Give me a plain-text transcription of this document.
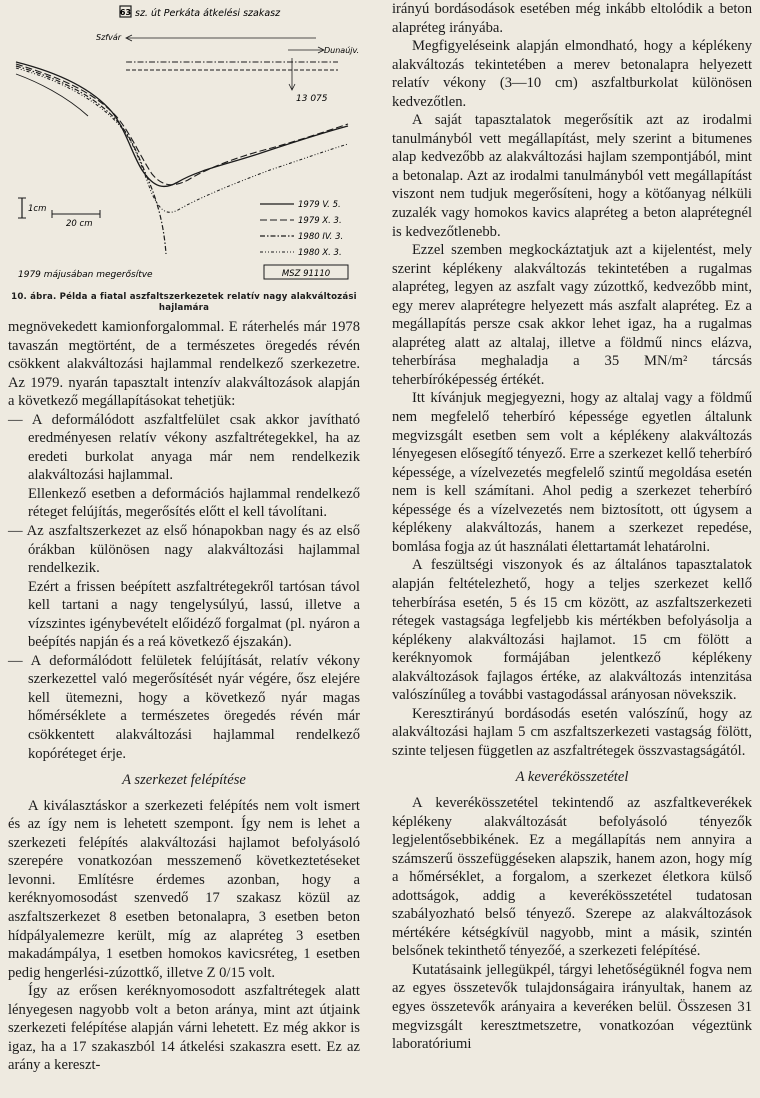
63 sz. út Perkáta átkelési szakasz
Szfvár
Dunaújv.
13 075
1cm
20 cm
1979 V. 5.
1979 X. 3.
1980 IV. 3.
1980 X. 3.
1979 májusában megerősítve	MSZ 91110
10. ábra. Példa a fiatal aszfaltszerkezetek relatív nagy alakváltozási
hajlamára

megnövekedett kamionforgalommal. E ráterhelés már 1978 tavaszán megtörtént, de a természetes öregedés révén csökkent alakváltozási hajlammal rendelkező szerkezetre. Az 1979. nyarán tapasztalt intenzív alakváltozások alapján a következő megállapításokat tehetjük:

— A deformálódott aszfaltfelület csak akkor javítható eredményesen relatív vékony aszfaltrétegekkel, ha az eredeti burkolat anyaga már nem rendelkezik alakváltozási hajlammal.

Ellenkező esetben a deformációs hajlammal rendelkező réteget felújítás, megerősítés előtt el kell távolítani.

— Az aszfaltszerkezet az első hónapokban nagy és az első órákban különösen nagy alakváltozási hajlammal rendelkezik.

Ezért a frissen beépített aszfaltrétegekről tartósan távol kell tartani a nagy tengelysúlyú, lassú, illetve a vízszintes igénybevételt előidéző forgalmat (pl. nyáron a beépítés napján és a reá következő éjszakán).

— A deformálódott felületek felújítását, relatív vékony szerkezettel való megerősítését nyár végére, ősz elejére kell ütemezni, hogy a következő nyár magas hőmérséklete a természetes öregedés révén már csökkentett alakváltozási hajlammal rendelkező kopóréteget érje.

A szerkezet felépítése

A kiválasztáskor a szerkezeti felépítés nem volt ismert és az így nem is lehetett szempont. Így nem is lehet a szerkezeti felépítés alakváltozási hajlamot befolyásoló szerepére vonatkozóan messzemenő következtetéseket levonni. Említésre érdemes azonban, hogy a keréknyomosodást szenvedő 17 szakasz közül az aszfaltszerkezet 8 esetben betonalapra, 3 esetben beton hídpályalemezre került, míg az alapréteg 3 esetben makadámpálya, 1 esetben homokos kavicsréteg, 1 esetben pedig hengerlési-zúzottkő, illetve Z 0/15 volt.

Így az erősen keréknyomosodott aszfaltrétegek alatt lényegesen nagyobb volt a beton aránya, mint azt útjaink szerkezeti felépítése alapján várni lehetett. Ez még akkor is igaz, ha a 17 szakaszból 14 átkelési szakaszra esett. Ez az arány a kereszt-

irányú bordásodások esetében még inkább eltolódik a beton alapréteg irányába.

Megfigyeléseink alapján elmondható, hogy a képlékeny alakváltozás tekintetében a merev betonalapra helyezett relatív vékony (3—10 cm) aszfaltburkolat különösen kedvezőtlen.

A saját tapasztalatok megerősítik azt az irodalmi tanulmányból vett megállapítást, mely szerint a bitumenes alap kedvezőbb az alakváltozási hajlam szempontjából, mint a betonalap. Azt az irodalmi tanulmányból vett megállapítást viszont nem tudjuk megerősíteni, hogy a kötőanyag nélküli zuzalék vagy homokos kavics alapréteg a beton alaprétegnél is kedvezőtlenebb.

Ezzel szemben megkockáztatjuk azt a kijelentést, mely szerint képlékeny alakváltozás tekintetében a rugalmas alapréteg, legyen az aszfalt vagy zúzottkő, kedvezőbb mint, egy merev alaprétegre helyezett más aszfalt alapréteg. Ez a megállapítás persze csak akkor lehet igaz, ha a rugalmas alapréteg alatt az altalaj, illetve a földmű nincs elázva, teherbírása meghaladja a 35 MN/m² tárcsás teherbíróképesség értékét.

Itt kívánjuk megjegyezni, hogy az altalaj vagy a földmű nem megfelelő teherbíró képessége egyetlen általunk megvizsgált esetben sem volt a képlékeny alakváltozás lényegesen elősegítő tényező. Erre a szerkezet kellő teherbíró képessége, a vízelvezetés megfelelő szintű megoldása esetén nem is kell számítani. Ahol pedig a szerkezet teherbíró képessége és a vízelvezetés nem biztosított, ott úgysem a képlékeny alakváltozás, hanem a szerkezet repedése, bomlása fogja az út használati élettartamát lehatárolni.

A feszültségi viszonyok és az általános tapasztalatok alapján feltételezhető, hogy a teljes szerkezet kellő teherbírása esetén, 5 és 15 cm között, az aszfaltszerkezeti rétegek vastagsága legfeljebb kis mértékben befolyásolja a képlékeny alakváltozási hajlamot. 15 cm fölött a keréknyomok formájában jelentkező képlékeny alakváltozások fajlagos értéke, az alakváltozás intenzitása valószínűleg a további vastagodással arányosan növekszik.

Keresztirányú bordásodás esetén valószínű, hogy az alakváltozási hajlam 5 cm aszfaltszerkezeti vastagság fölött, szinte teljesen független az aszfaltrétegek összvastagságától.

A keverékösszetétel

A keverékösszetétel tekintendő az aszfaltkeverékek képlékeny alakváltozását befolyásoló tényezők legjelentősebbikének. Ez a megállapítás nem annyira a számszerű összefüggéseken alapszik, hanem azon, hogy míg a hőmérséklet, a forgalom, a szerkezet életkora külső adottságok, addig a keverékösszetétel tudatosan szabályozható belső tényező. Szerepe az alakváltozások mértékére kétségkívül nagyobb, mint a másik, szintén belsőnek tekinthető tényezőé, a szerkezeti felépítésé.

Kutatásaink jellegükpél, tárgyi lehetőségüknél fogva nem az egyes összetevők tulajdonságaira irányultak, hanem az egyes összetevők arányaira a keveréken belül. Összesen 31 megvizsgált keresztmetszetre, vonatkozóan végeztünk laboratóriumi
